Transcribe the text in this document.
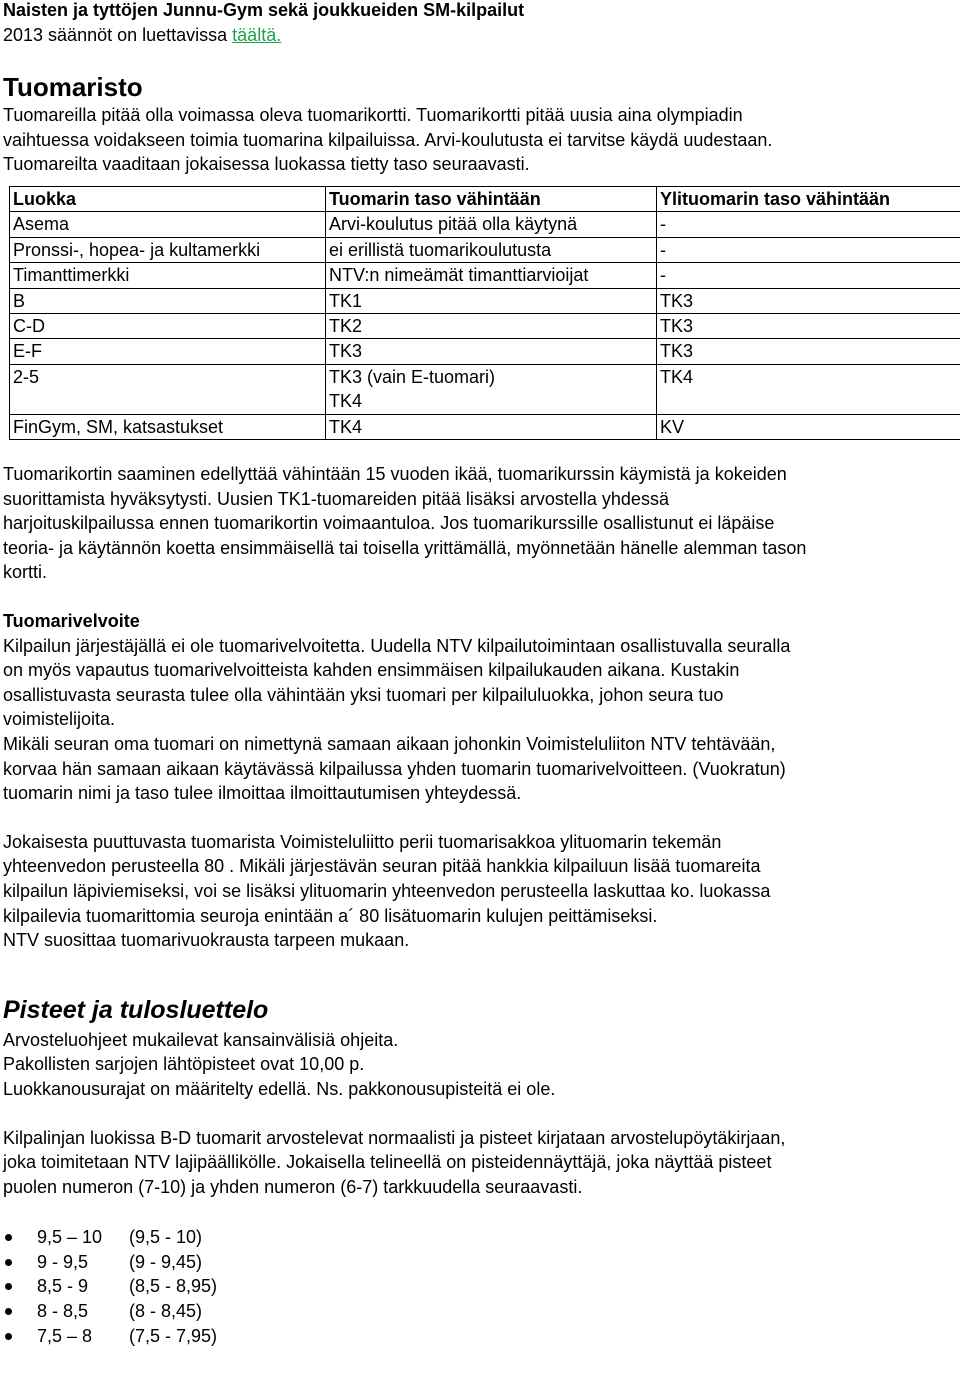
Naisten ja tyttöjen Junnu-Gym sekä joukkueiden SM-kilpailut

2013 säännöt on luettavissa täältä.

Tuomaristo

Tuomareilla pitää olla voimassa oleva tuomarikortti. Tuomarikortti pitää uusia aina olympiadin

vaihtuessa voidakseen toimia tuomarina kilpailuissa. Arvi-koulutusta ei tarvitse käydä uudestaan.

Tuomareilta vaaditaan jokaisessa luokassa tietty taso seuraavasti.

Luokka	Tuomarin taso vähintään	Ylituomarin taso vähintään
Asema	Arvi-koulutus pitää olla käytynä	-
Pronssi-, hopea- ja kultamerkki	ei erillistä tuomarikoulutusta	-
Timanttimerkki	NTV:n nimeämät timanttiarvioijat	-
B	TK1	TK3
C-D	TK2	TK3
E-F	TK3	TK3
2-5	TK3 (vain E-tuomari)	TK4
	TK4	
FinGym, SM, katsastukset	TK4	KV

Tuomarikortin saaminen edellyttää vähintään 15 vuoden ikää, tuomarikurssin käymistä ja kokeiden

suorittamista hyväksytysti. Uusien TK1-tuomareiden pitää lisäksi arvostella yhdessä

harjoituskilpailussa ennen tuomarikortin voimaantuloa. Jos tuomarikurssille osallistunut ei läpäise

teoria- ja käytännön koetta ensimmäisellä tai toisella yrittämällä, myönnetään hänelle alemman tason

kortti.

Tuomarivelvoite

Kilpailun järjestäjällä ei ole tuomarivelvoitetta. Uudella NTV kilpailutoimintaan osallistuvalla seuralla

on myös vapautus tuomarivelvoitteista kahden ensimmäisen kilpailukauden aikana. Kustakin

osallistuvasta seurasta tulee olla vähintään yksi tuomari per kilpailuluokka, johon seura tuo

voimistelijoita.

Mikäli seuran oma tuomari on nimettynä samaan aikaan johonkin Voimisteluliiton NTV tehtävään,

korvaa hän samaan aikaan käytävässä kilpailussa yhden tuomarin tuomarivelvoitteen. (Vuokratun)

tuomarin nimi ja taso tulee ilmoittaa ilmoittautumisen yhteydessä.

Jokaisesta puuttuvasta tuomarista Voimisteluliitto perii tuomarisakkoa ylituomarin tekemän

yhteenvedon perusteella 80 . Mikäli järjestävän seuran pitää hankkia kilpailuun lisää tuomareita

kilpailun läpiviemiseksi, voi se lisäksi ylituomarin yhteenvedon perusteella laskuttaa ko. luokassa

kilpailevia tuomarittomia seuroja enintään a´ 80 lisätuomarin kulujen peittämiseksi.

NTV suosittaa tuomarivuokrausta tarpeen mukaan.

Pisteet ja tulosluettelo

Arvosteluohjeet mukailevat kansainvälisiä ohjeita.

Pakollisten sarjojen lähtöpisteet ovat 10,00 p.

Luokkanousurajat on määritelty edellä. Ns. pakkonousupisteitä ei ole.

Kilpalinjan luokissa B-D tuomarit arvostelevat normaalisti ja pisteet kirjataan arvostelupöytäkirjaan,

joka toimitetaan NTV lajipäällikölle. Jokaisella telineellä on pisteidennäyttäjä, joka näyttää pisteet

puolen numeron (7-10) ja yhden numeron (6-7) tarkkuudella seuraavasti.

9,5 – 10 (9,5 - 10)
9 - 9,5 (9 - 9,45)
8,5 - 9 (8,5 - 8,95)
8 - 8,5 (8 - 8,45)
7,5 – 8 (7,5 - 7,95)
